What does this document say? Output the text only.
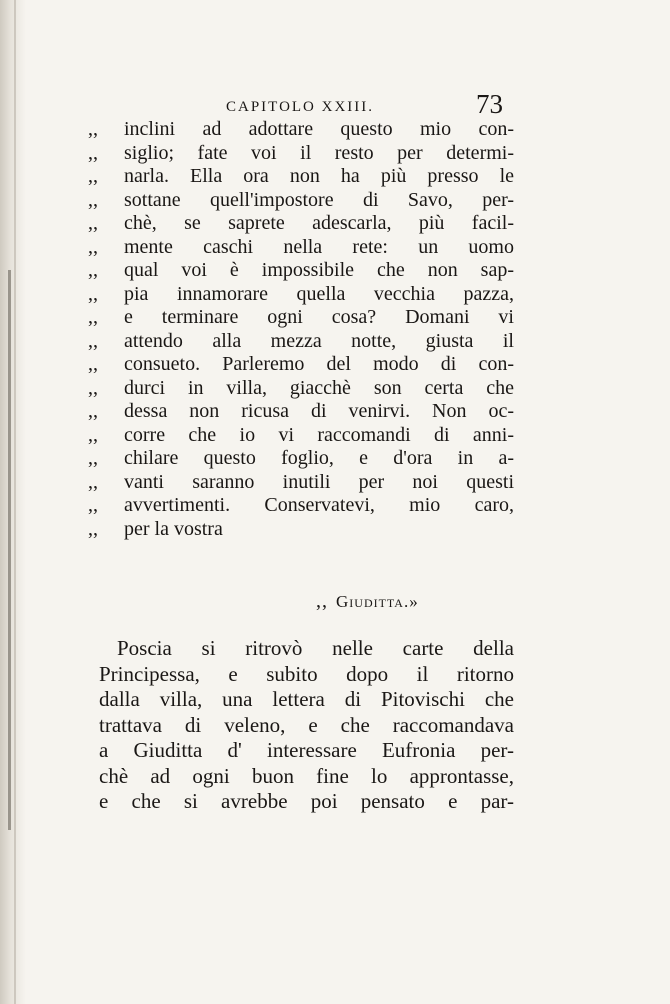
CAPITOLO XXIII.	73
,, inclini ad adottare questo mio con-
,, siglio; fate voi il resto per determi-
,, narla. Ella ora non ha più presso le
,, sottane quell'impostore di Savo, per-
,, chè, se saprete adescarla, più facil-
,, mente caschi nella rete: un uomo
,, qual voi è impossibile che non sap-
,, pia innamorare quella vecchia pazza,
,, e terminare ogni cosa? Domani vi
,, attendo alla mezza notte, giusta il
,, consueto. Parleremo del modo di con-
,, durci in villa, giacchè son certa che
,, dessa non ricusa di venirvi. Non oc-
,, corre che io vi raccomandi di anni-
,, chilare questo foglio, e d'ora in a-
,, vanti saranno inutili per noi questi
,, avvertimenti. Conservatevi, mio caro,
,, per la vostra
,, Giuditta.»
Poscia si ritrovò nelle carte della
Principessa, e subito dopo il ritorno
dalla villa, una lettera di Pitovischi che
trattava di veleno, e che raccomandava
a Giuditta d' interessare Eufronia per-
chè ad ogni buon fine lo approntasse,
e che si avrebbe poi pensato e par-
